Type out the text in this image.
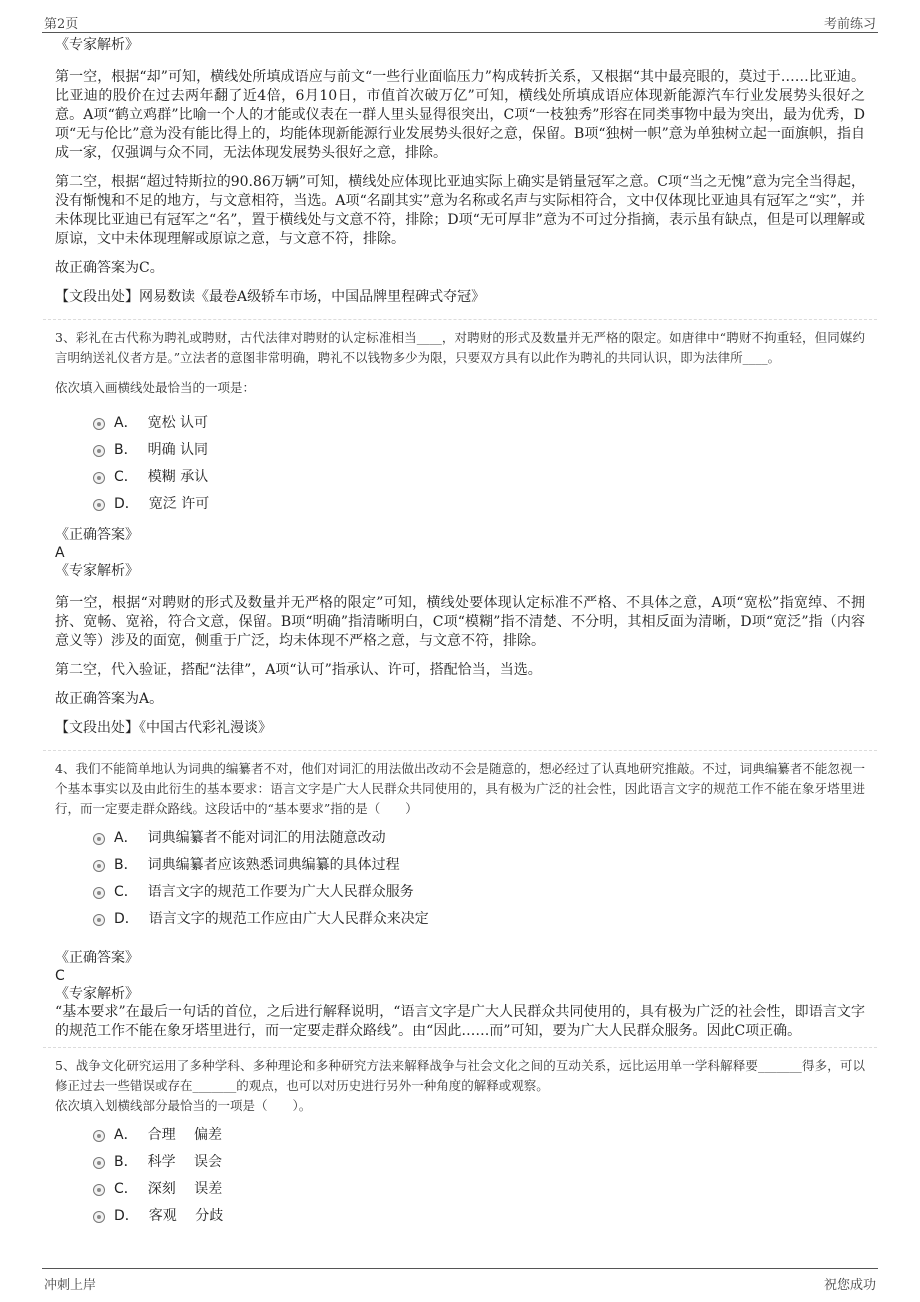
第2页	考前练习

《专家解析》

第一空，根据“却”可知，横线处所填成语应与前文“一些行业面临压力”构成转折关系，又根据“其中最亮眼的，莫过于……比亚迪。比亚迪的股价在过去两年翻了近4倍，6月10日，市值首次破万亿”可知，横线处所填成语应体现新能源汽车行业发展势头很好之意。A项“鹤立鸡群”比喻一个人的才能或仪表在一群人里头显得很突出，C项“一枝独秀”形容在同类事物中最为突出，最为优秀，D项“无与伦比”意为没有能比得上的，均能体现新能源行业发展势头很好之意，保留。B项“独树一帜”意为单独树立起一面旗帜，指自成一家，仅强调与众不同，无法体现发展势头很好之意，排除。

第二空，根据“超过特斯拉的90.86万辆”可知，横线处应体现比亚迪实际上确实是销量冠军之意。C项“当之无愧”意为完全当得起，没有惭愧和不足的地方，与文意相符，当选。A项“名副其实”意为名称或名声与实际相符合，文中仅体现比亚迪具有冠军之“实”，并未体现比亚迪已有冠军之“名”，置于横线处与文意不符，排除；D项“无可厚非”意为不可过分指摘，表示虽有缺点，但是可以理解或原谅，文中未体现理解或原谅之意，与文意不符，排除。

故正确答案为C。

【文段出处】网易数读《最卷A级轿车市场，中国品牌里程碑式夺冠》

3、彩礼在古代称为聘礼或聘财，古代法律对聘财的认定标准相当____，对聘财的形式及数量并无严格的限定。如唐律中“聘财不拘重轻，但同媒约言明纳送礼仪者方是。”立法者的意图非常明确，聘礼不以钱物多少为限，只要双方具有以此作为聘礼的共同认识，即为法律所____。

依次填入画横线处最恰当的一项是：

A． 宽松 认可
B． 明确 认同
C． 模糊 承认
D． 宽泛 许可

《正确答案》

A

《专家解析》

第一空，根据“对聘财的形式及数量并无严格的限定”可知，横线处要体现认定标准不严格、不具体之意，A项“宽松”指宽绰、不拥挤、宽畅、宽裕，符合文意，保留。B项“明确”指清晰明白，C项“模糊”指不清楚、不分明，其相反面为清晰，D项“宽泛”指（内容意义等）涉及的面宽，侧重于广泛，均未体现不严格之意，与文意不符，排除。

第二空，代入验证，搭配“法律”，A项“认可”指承认、许可，搭配恰当，当选。

故正确答案为A。

【文段出处】《中国古代彩礼漫谈》

4、我们不能简单地认为词典的编纂者不对，他们对词汇的用法做出改动不会是随意的，想必经过了认真地研究推敲。不过，词典编纂者不能忽视一个基本事实以及由此衍生的基本要求：语言文字是广大人民群众共同使用的，具有极为广泛的社会性，因此语言文字的规范工作不能在象牙塔里进行，而一定要走群众路线。这段话中的“基本要求”指的是（　　）

A． 词典编纂者不能对词汇的用法随意改动
B． 词典编纂者应该熟悉词典编纂的具体过程
C． 语言文字的规范工作要为广大人民群众服务
D． 语言文字的规范工作应由广大人民群众来决定

《正确答案》

C

《专家解析》

“基本要求”在最后一句话的首位，之后进行解释说明，“语言文字是广大人民群众共同使用的，具有极为广泛的社会性，即语言文字的规范工作不能在象牙塔里进行，而一定要走群众路线”。由“因此……而”可知，要为广大人民群众服务。因此C项正确。

5、战争文化研究运用了多种学科、多种理论和多种研究方法来解释战争与社会文化之间的互动关系，远比运用单一学科解释要_______得多，可以修正过去一些错误或存在_______的观点，也可以对历史进行另外一种角度的解释或观察。

依次填入划横线部分最恰当的一项是（　　）。

A． 合理　 偏差
B． 科学　 误会
C． 深刻　 误差
D． 客观　 分歧
冲刺上岸	祝您成功
